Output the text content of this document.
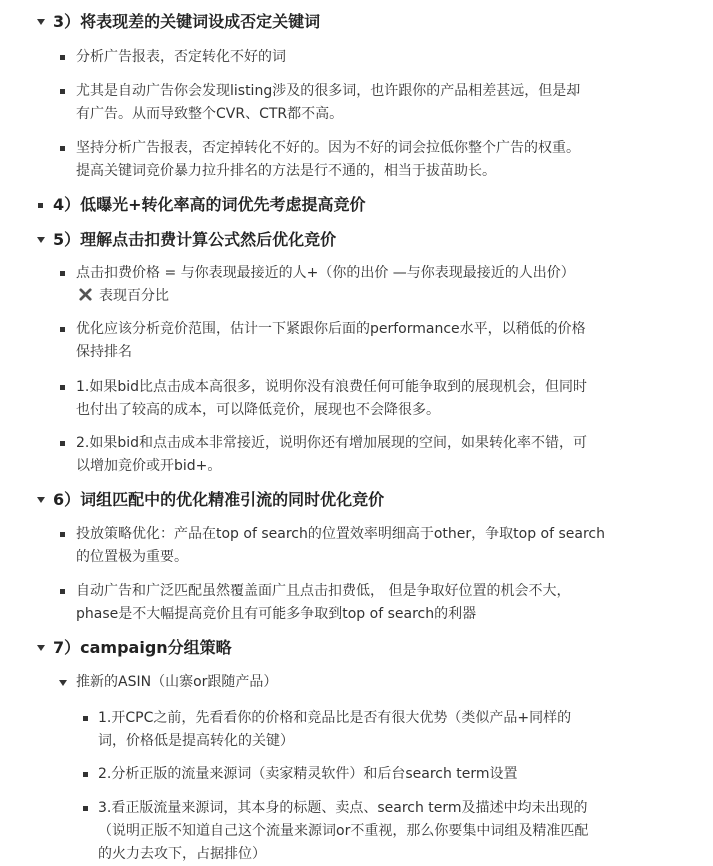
3）将表现差的关键词设成否定关键词
分析广告报表，否定转化不好的词
尤其是自动广告你会发现listing涉及的很多词，也许跟你的产品相差甚远，但是却
有广告。从而导致整个CVR、CTR都不高。
坚持分析广告报表，否定掉转化不好的。因为不好的词会拉低你整个广告的权重。
提高关键词竞价暴力拉升排名的方法是行不通的，相当于拔苗助长。
4）低曝光+转化率高的词优先考虑提高竞价
5）理解点击扣费计算公式然后优化竞价
点击扣费价格 = 与你表现最接近的人+（你的出价 —与你表现最接近的人出价）
表现百分比
优化应该分析竞价范围，估计一下紧跟你后面的performance水平，以稍低的价格
保持排名
1.如果bid比点击成本高很多，说明你没有浪费任何可能争取到的展现机会，但同时
也付出了较高的成本，可以降低竞价，展现也不会降很多。
2.如果bid和点击成本非常接近，说明你还有增加展现的空间，如果转化率不错，可
以增加竞价或开bid+。
6）词组匹配中的优化精准引流的同时优化竞价
投放策略优化：产品在top of search的位置效率明细高于other，争取top of search
的位置极为重要。
自动广告和广泛匹配虽然覆盖面广且点击扣费低， 但是争取好位置的机会不大，
phase是不大幅提高竞价且有可能多争取到top of search的利器
7）campaign分组策略
推新的ASIN（山寨or跟随产品）
1.开CPC之前，先看看你的价格和竞品比是否有很大优势（类似产品+同样的
词，价格低是提高转化的关键）
2.分析正版的流量来源词（卖家精灵软件）和后台search term设置
3.看正版流量来源词，其本身的标题、卖点、search term及描述中均未出现的
（说明正版不知道自己这个流量来源词or不重视，那么你要集中词组及精准匹配
的火力去攻下，占据排位）
